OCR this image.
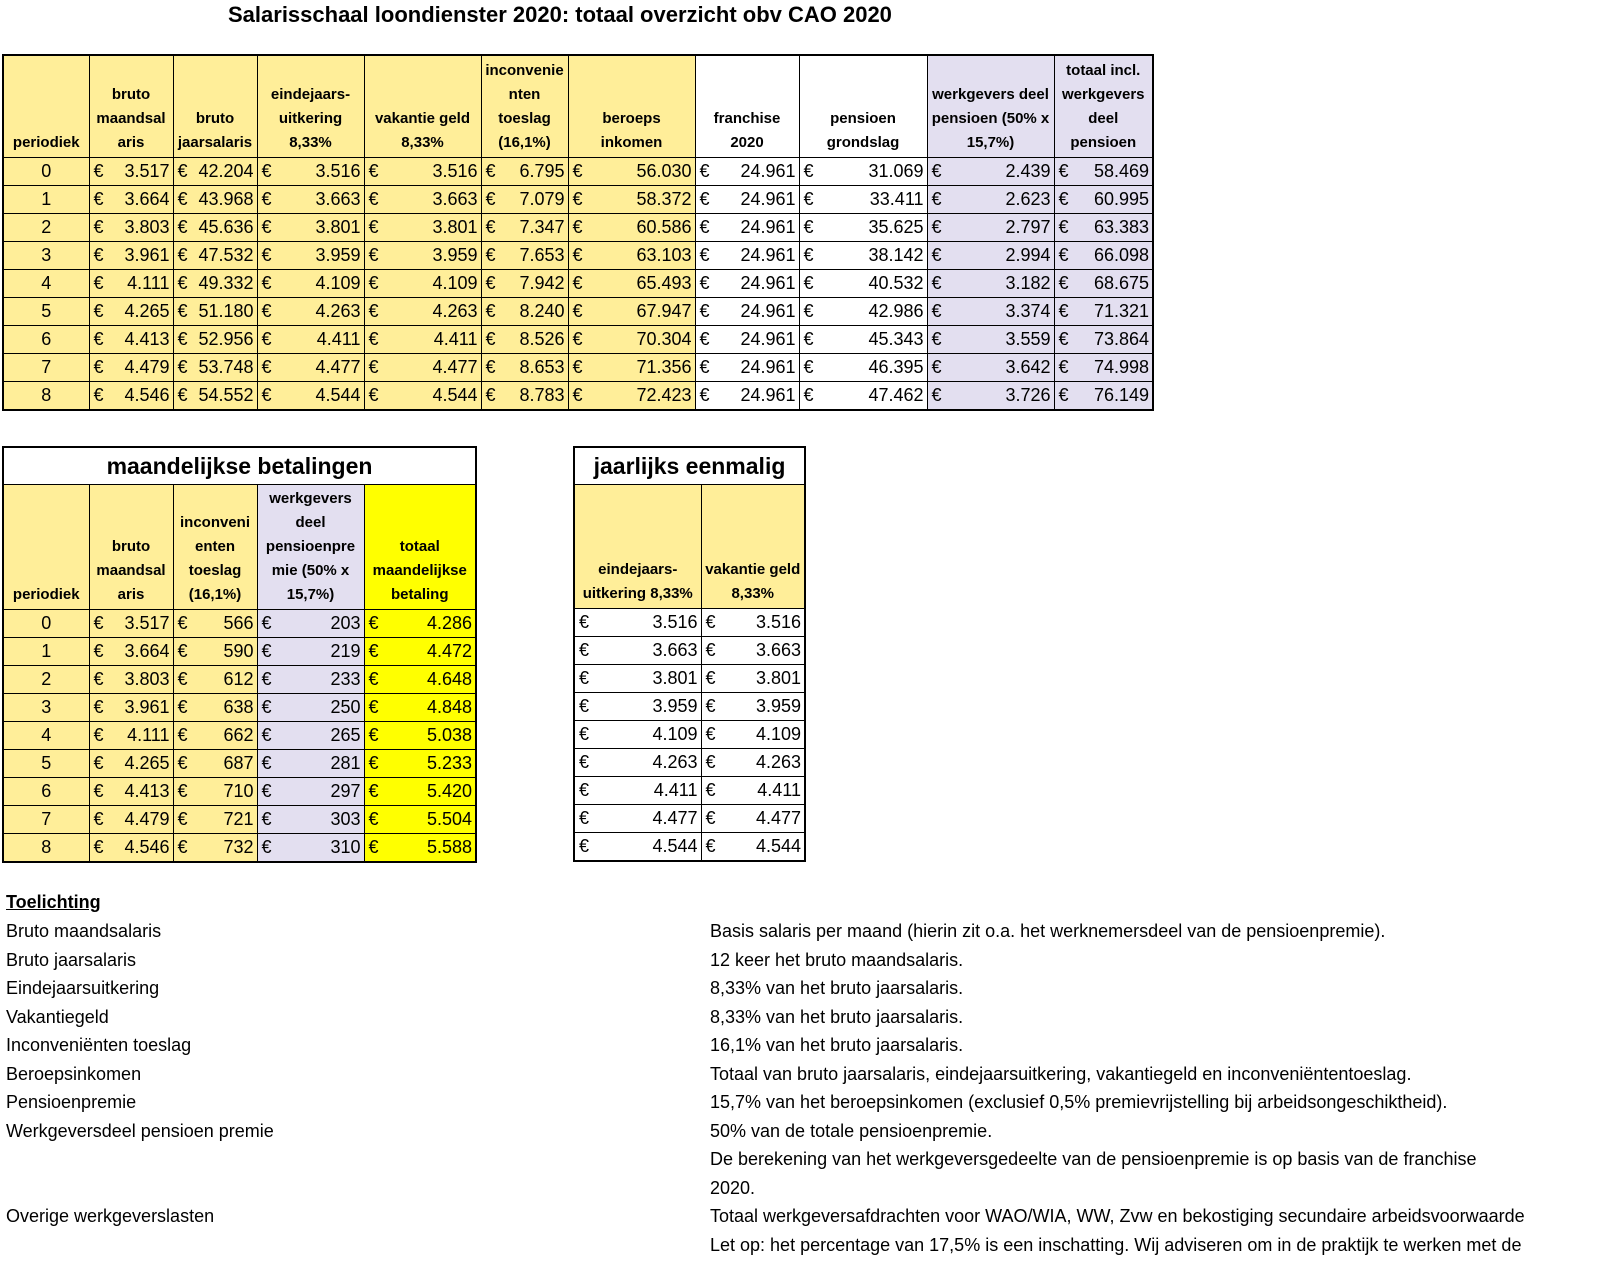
Salarisschaal loondienster 2020: totaal overzicht obv CAO 2020
periodiek	bruto maandsal aris	bruto jaarsalaris	eindejaars-uitkering 8,33%	vakantie geld 8,33%	inconvenie nten toeslag (16,1%)	beroeps inkomen	franchise 2020	pensioen grondslag	werkgevers deel pensioen (50% x 15,7%)	totaal incl. werkgevers deel pensioen
0	€ 3.517	€ 42.204	€ 3.516	€ 3.516	€ 6.795	€ 56.030	€ 24.961	€ 31.069	€ 2.439	€ 58.469

1	€ 3.664	€ 43.968	€ 3.663	€ 3.663	€ 7.079	€ 58.372	€ 24.961	€ 33.411	€ 2.623	€ 60.995

2	€ 3.803	€ 45.636	€ 3.801	€ 3.801	€ 7.347	€ 60.586	€ 24.961	€ 35.625	€ 2.797	€ 63.383

3	€ 3.961	€ 47.532	€ 3.959	€ 3.959	€ 7.653	€ 63.103	€ 24.961	€ 38.142	€ 2.994	€ 66.098

4	€ 4.111	€ 49.332	€ 4.109	€ 4.109	€ 7.942	€ 65.493	€ 24.961	€ 40.532	€ 3.182	€ 68.675

5	€ 4.265	€ 51.180	€ 4.263	€ 4.263	€ 8.240	€ 67.947	€ 24.961	€ 42.986	€ 3.374	€ 71.321

6	€ 4.413	€ 52.956	€ 4.411	€ 4.411	€ 8.526	€ 70.304	€ 24.961	€ 45.343	€ 3.559	€ 73.864

7	€ 4.479	€ 53.748	€ 4.477	€ 4.477	€ 8.653	€ 71.356	€ 24.961	€ 46.395	€ 3.642	€ 74.998

8	€ 4.546	€ 54.552	€ 4.544	€ 4.544	€ 8.783	€ 72.423	€ 24.961	€ 47.462	€ 3.726	€ 76.149
maandelijkse betalingen				
periodiek	bruto maandsal aris	inconveni enten toeslag (16,1%)	werkgevers deel pensioenpre mie (50% x 15,7%)	totaal maandelijkse betaling
0	€ 3.517	€ 566	€ 203	€ 4.286

1	€ 3.664	€ 590	€ 219	€ 4.472

2	€ 3.803	€ 612	€ 233	€ 4.648

3	€ 3.961	€ 638	€ 250	€ 4.848

4	€ 4.111	€ 662	€ 265	€ 5.038

5	€ 4.265	€ 687	€ 281	€ 5.233

6	€ 4.413	€ 710	€ 297	€ 5.420

7	€ 4.479	€ 721	€ 303	€ 5.504

8	€ 4.546	€ 732	€ 310	€ 5.588
jaarlijks eenmalig	
eindejaars-uitkering 8,33%	vakantie geld 8,33%

€ 3.516	€ 3.516

€ 3.663	€ 3.663

€ 3.801	€ 3.801

€ 3.959	€ 3.959

€ 4.109	€ 4.109

€ 4.263	€ 4.263

€ 4.411	€ 4.411

€ 4.477	€ 4.477

€ 4.544	€ 4.544
Toelichting
Bruto maandsalaris	Basis salaris per maand (hierin zit o.a. het werknemersdeel van de pensioenpremie).
Bruto jaarsalaris	12 keer het bruto maandsalaris.
Eindejaarsuitkering	8,33% van het bruto jaarsalaris.
Vakantiegeld	8,33% van het bruto jaarsalaris.
Inconveniënten toeslag	16,1% van het bruto jaarsalaris.
Beroepsinkomen	Totaal van bruto jaarsalaris, eindejaarsuitkering, vakantiegeld en inconveniëntentoeslag.
Pensioenpremie	15,7% van het beroepsinkomen (exclusief 0,5% premievrijstelling bij arbeidsongeschiktheid).
Werkgeversdeel pensioen premie	50% van de totale pensioenpremie.
De berekening van het werkgeversgedeelte van de pensioenpremie is op basis van de franchise
2020.
Overige werkgeverslasten	Totaal werkgeversafdrachten voor WAO/WIA, WW, Zvw en bekostiging secundaire arbeidsvoorwaarde
Let op: het percentage van 17,5% is een inschatting. Wij adviseren om in de praktijk te werken met de
